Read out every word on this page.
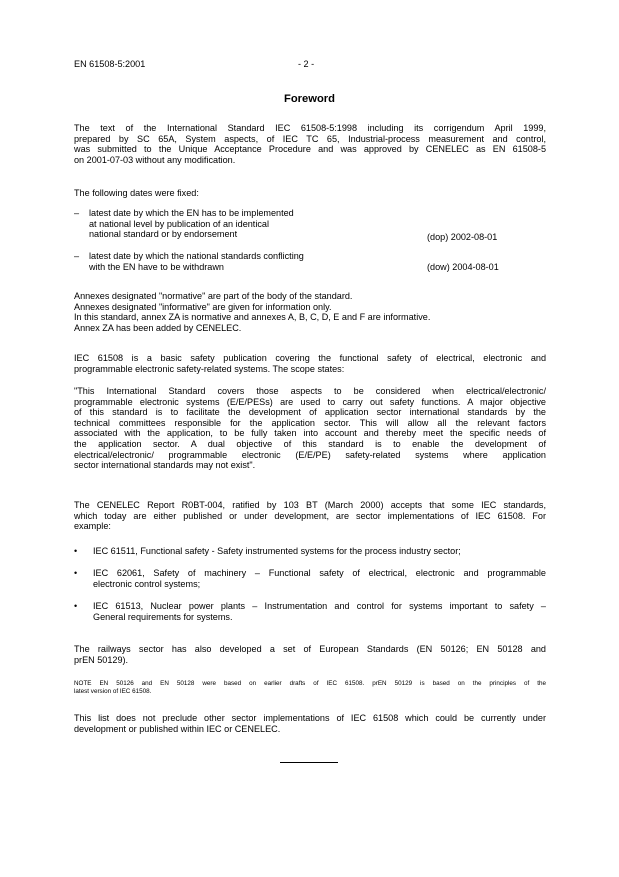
EN 61508-5:2001	- 2 -
Foreword
The text of the International Standard IEC 61508-5:1998 including its corrigendum April 1999,
prepared by SC 65A, System aspects, of IEC TC 65, Industrial-process measurement and control,
was submitted to the Unique Acceptance Procedure and was approved by CENELEC as EN 61508-5
on 2001-07-03 without any modification.
The following dates were fixed:
– latest date by which the EN has to be implemented
at national level by publication of an identical
national standard or by endorsement	(dop) 2002-08-01
– latest date by which the national standards conflicting
with the EN have to be withdrawn	(dow) 2004-08-01
Annexes designated "normative" are part of the body of the standard.
Annexes designated "informative" are given for information only.
In this standard, annex ZA is normative and annexes A, B, C, D, E and F are informative.
Annex ZA has been added by CENELEC.
IEC 61508 is a basic safety publication covering the functional safety of electrical, electronic and
programmable electronic safety-related systems. The scope states:
"This International Standard covers those aspects to be considered when electrical/electronic/
programmable electronic systems (E/E/PESs) are used to carry out safety functions. A major objective
of this standard is to facilitate the development of application sector international standards by the
technical committees responsible for the application sector. This will allow all the relevant factors
associated with the application, to be fully taken into account and thereby meet the specific needs of
the application sector. A dual objective of this standard is to enable the development of
electrical/electronic/ programmable electronic (E/E/PE) safety-related systems where application
sector international standards may not exist".
The CENELEC Report R0BT-004, ratified by 103 BT (March 2000) accepts that some IEC standards,
which today are either published or under development, are sector implementations of IEC 61508. For
example:
• IEC 61511, Functional safety - Safety instrumented systems for the process industry sector;
• IEC 62061, Safety of machinery – Functional safety of electrical, electronic and programmable
electronic control systems;
• IEC 61513, Nuclear power plants – Instrumentation and control for systems important to safety –
General requirements for systems.
The railways sector has also developed a set of European Standards (EN 50126; EN 50128 and
prEN 50129).
NOTE EN 50126 and EN 50128 were based on earlier drafts of IEC 61508. prEN 50129 is based on the principles of the
latest version of IEC 61508.
This list does not preclude other sector implementations of IEC 61508 which could be currently under
development or published within IEC or CENELEC.
